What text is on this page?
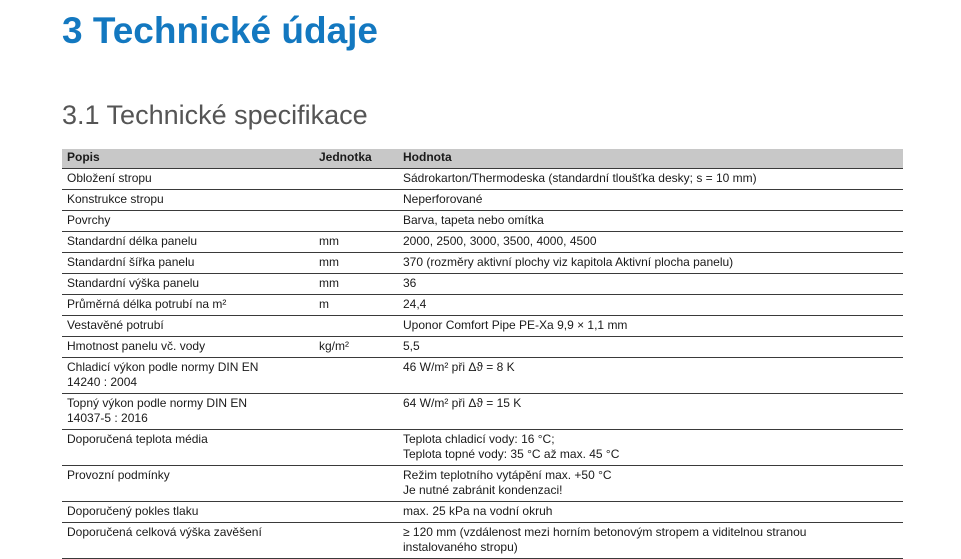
3 Technické údaje
3.1 Technické specifikace
Popis	Jednotka	Hodnota
Obložení stropu		Sádrokarton/Thermodeska (standardní tloušťka desky; s = 10 mm)
Konstrukce stropu		Neperforované
Povrchy		Barva, tapeta nebo omítka
Standardní délka panelu	mm	2000, 2500, 3000, 3500, 4000, 4500
Standardní šířka panelu	mm	370 (rozměry aktivní plochy viz kapitola Aktivní plocha panelu)
Standardní výška panelu	mm	36
Průměrná délka potrubí na m²	m	24,4
Vestavěné potrubí		Uponor Comfort Pipe PE-Xa 9,9 × 1,1 mm
Hmotnost panelu vč. vody	kg/m²	5,5
Chladicí výkon podle normy DIN EN
14240 : 2004		46 W/m² při Δϑ = 8 K
Topný výkon podle normy DIN EN
14037-5 : 2016		64 W/m² při Δϑ = 15 K
Doporučená teplota média		Teplota chladicí vody: 16 °C;
Teplota topné vody: 35 °C až max. 45 °C
Provozní podmínky		Režim teplotního vytápění max. +50 °C
Je nutné zabránit kondenzaci!
Doporučený pokles tlaku		max. 25 kPa na vodní okruh
Doporučená celková výška zavěšení		≥ 120 mm (vzdálenost mezi horním betonovým stropem a viditelnou stranou
instalovaného stropu)
